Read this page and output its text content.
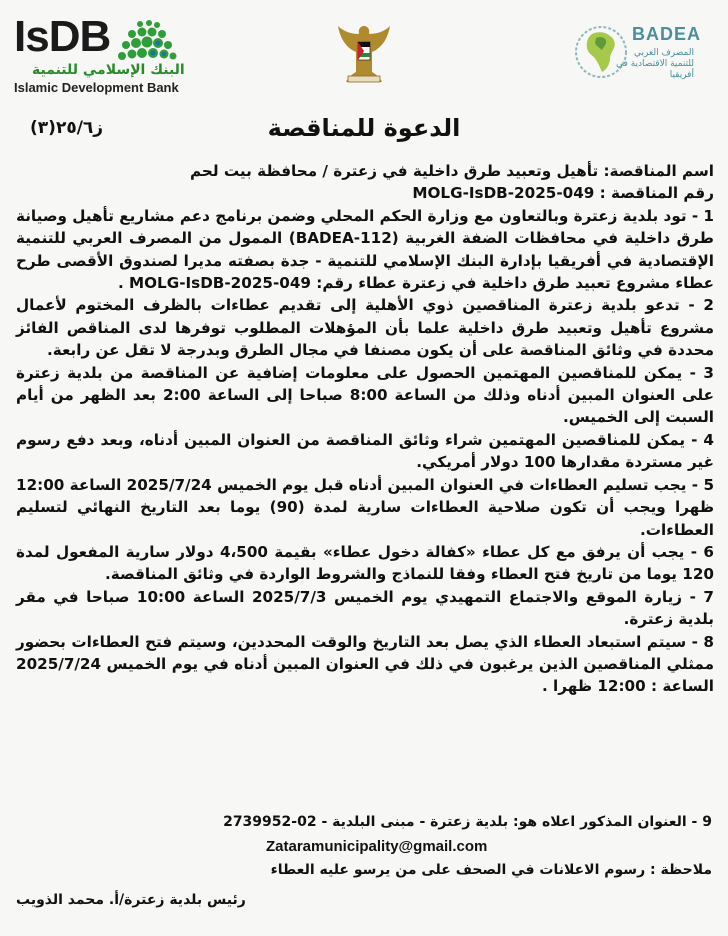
IsDB
البنك الإسلامي للتنمية
Islamic Development Bank
BADEA
المصرف العربي للتنمية الاقتصادية في أفريقيا
ز٢٥/٦(٣)	الدعوة للمناقصة

اسم المناقصة: تأهيل وتعبيد طرق داخلية في زعترة / محافظة بيت لحم

رقم المناقصة : MOLG-IsDB-2025-049

1 - تود بلدية زعترة وبالتعاون مع وزارة الحكم المحلي وضمن برنامج دعم مشاريع تأهيل وصيانة طرق داخلية في محافظات الضفة الغربية (BADEA-112) الممول من المصرف العربي للتنمية الإقتصادية في أفريقيا بإدارة البنك الإسلامي للتنمية - جدة بصفته مديرا لصندوق الأقصى طرح عطاء مشروع تعبيد طرق داخلية في زعترة عطاء رقم: 049-MOLG-IsDB-2025 .

2 - تدعو بلدية زعترة المناقصين ذوي الأهلية إلى تقديم عطاءات بالظرف المختوم لأعمال مشروع تأهيل وتعبيد طرق داخلية علما بأن المؤهلات المطلوب توفرها لدى المناقص الفائز محددة في وثائق المناقصة على أن يكون مصنفا في مجال الطرق وبدرجة لا تقل عن رابعة.

3 - يمكن للمناقصين المهتمين الحصول على معلومات إضافية عن المناقصة من بلدية زعترة على العنوان المبين أدناه وذلك من الساعة 8:00 صباحا إلى الساعة 2:00 بعد الظهر من أيام السبت إلى الخميس.

4 - يمكن للمناقصين المهتمين شراء وثائق المناقصة من العنوان المبين أدناه، وبعد دفع رسوم غير مستردة مقدارها 100 دولار أمريكي.

5 - يجب تسليم العطاءات في العنوان المبين أدناه قبل يوم الخميس 2025/7/24 الساعة 12:00 ظهرا ويجب أن تكون صلاحية العطاءات سارية لمدة (90) يوما بعد التاريخ النهائي لتسليم العطاءات.

6 - يجب أن يرفق مع كل عطاء «كفالة دخول عطاء» بقيمة 4،500 دولار سارية المفعول لمدة 120 يوما من تاريخ فتح العطاء وفقا للنماذج والشروط الواردة في وثائق المناقصة.

7 - زيارة الموقع والاجتماع التمهيدي يوم الخميس 2025/7/3 الساعة 10:00 صباحا في مقر بلدية زعترة.

8 - سيتم استبعاد العطاء الذي يصل بعد التاريخ والوقت المحددين، وسيتم فتح العطاءات بحضور ممثلي المناقصين الذين يرغبون في ذلك في العنوان المبين أدناه في يوم الخميس 2025/7/24 الساعة : 12:00 ظهرا .

9 - العنوان المذكور اعلاه هو: بلدية زعترة - مبنى البلدية - 02-2739952
Zataramunicipality@gmail.com
ملاحظة : رسوم الاعلانات في الصحف على من يرسو عليه العطاء
رئيس بلدية زعترة/أ. محمد الذويب
